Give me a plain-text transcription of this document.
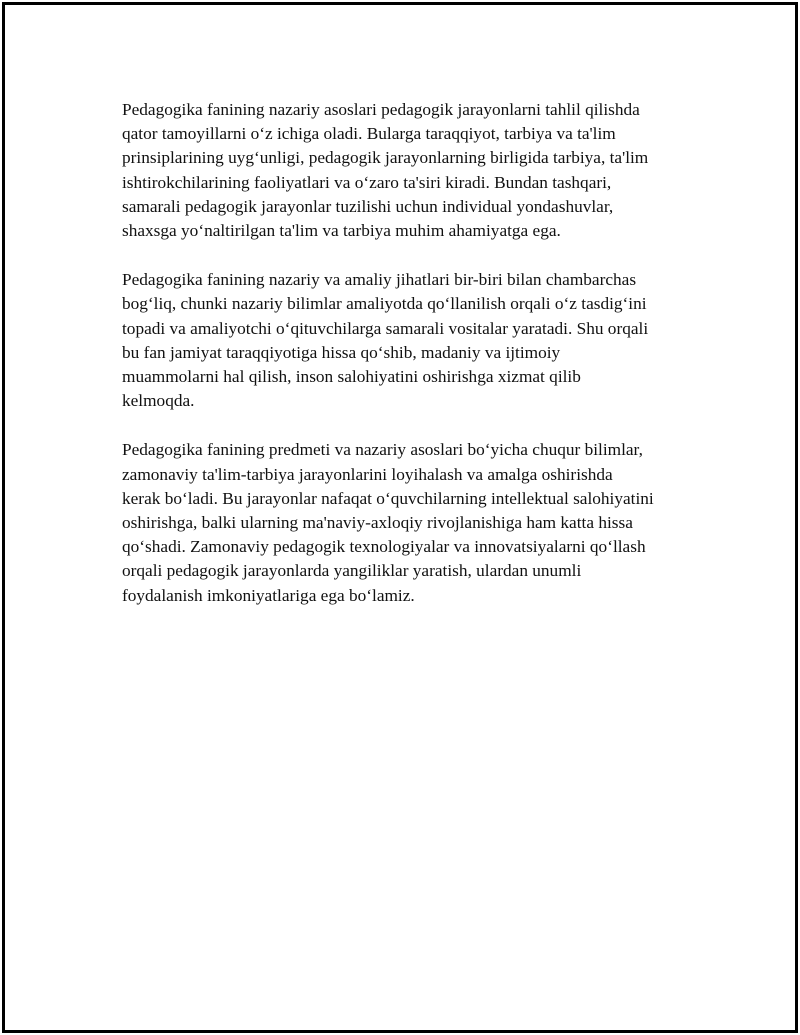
Pedagogika fanining nazariy asoslari pedagogik jarayonlarni tahlil qilishda
qator tamoyillarni o‘z ichiga oladi. Bularga taraqqiyot, tarbiya va ta'lim
prinsiplarining uyg‘unligi, pedagogik jarayonlarning birligida tarbiya, ta'lim
ishtirokchilarining faoliyatlari va o‘zaro ta'siri kiradi. Bundan tashqari,
samarali pedagogik jarayonlar tuzilishi uchun individual yondashuvlar,
shaxsga yo‘naltirilgan ta'lim va tarbiya muhim ahamiyatga ega.

Pedagogika fanining nazariy va amaliy jihatlari bir-biri bilan chambarchas
bog‘liq, chunki nazariy bilimlar amaliyotda qo‘llanilish orqali o‘z tasdig‘ini
topadi va amaliyotchi o‘qituvchilarga samarali vositalar yaratadi. Shu orqali
bu fan jamiyat taraqqiyotiga hissa qo‘shib, madaniy va ijtimoiy
muammolarni hal qilish, inson salohiyatini oshirishga xizmat qilib
kelmoqda.

Pedagogika fanining predmeti va nazariy asoslari bo‘yicha chuqur bilimlar,
zamonaviy ta'lim-tarbiya jarayonlarini loyihalash va amalga oshirishda
kerak bo‘ladi. Bu jarayonlar nafaqat o‘quvchilarning intellektual salohiyatini
oshirishga, balki ularning ma'naviy-axloqiy rivojlanishiga ham katta hissa
qo‘shadi. Zamonaviy pedagogik texnologiyalar va innovatsiyalarni qo‘llash
orqali pedagogik jarayonlarda yangiliklar yaratish, ulardan unumli
foydalanish imkoniyatlariga ega bo‘lamiz.
